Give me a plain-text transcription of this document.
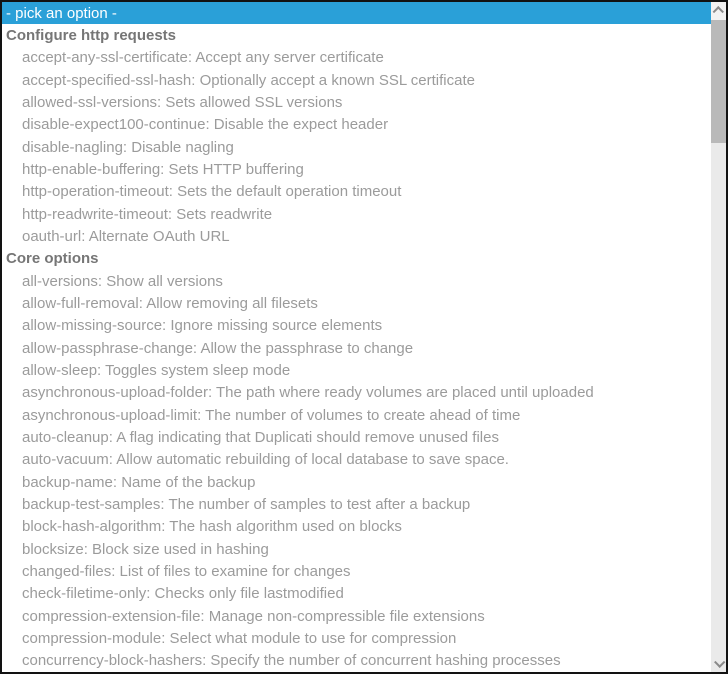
- pick an option -
Configure http requests
accept-any-ssl-certificate: Accept any server certificate
accept-specified-ssl-hash: Optionally accept a known SSL certificate
allowed-ssl-versions: Sets allowed SSL versions
disable-expect100-continue: Disable the expect header
disable-nagling: Disable nagling
http-enable-buffering: Sets HTTP buffering
http-operation-timeout: Sets the default operation timeout
http-readwrite-timeout: Sets readwrite
oauth-url: Alternate OAuth URL
Core options
all-versions: Show all versions
allow-full-removal: Allow removing all filesets
allow-missing-source: Ignore missing source elements
allow-passphrase-change: Allow the passphrase to change
allow-sleep: Toggles system sleep mode
asynchronous-upload-folder: The path where ready volumes are placed until uploaded
asynchronous-upload-limit: The number of volumes to create ahead of time
auto-cleanup: A flag indicating that Duplicati should remove unused files
auto-vacuum: Allow automatic rebuilding of local database to save space.
backup-name: Name of the backup
backup-test-samples: The number of samples to test after a backup
block-hash-algorithm: The hash algorithm used on blocks
blocksize: Block size used in hashing
changed-files: List of files to examine for changes
check-filetime-only: Checks only file lastmodified
compression-extension-file: Manage non-compressible file extensions
compression-module: Select what module to use for compression
concurrency-block-hashers: Specify the number of concurrent hashing processes
